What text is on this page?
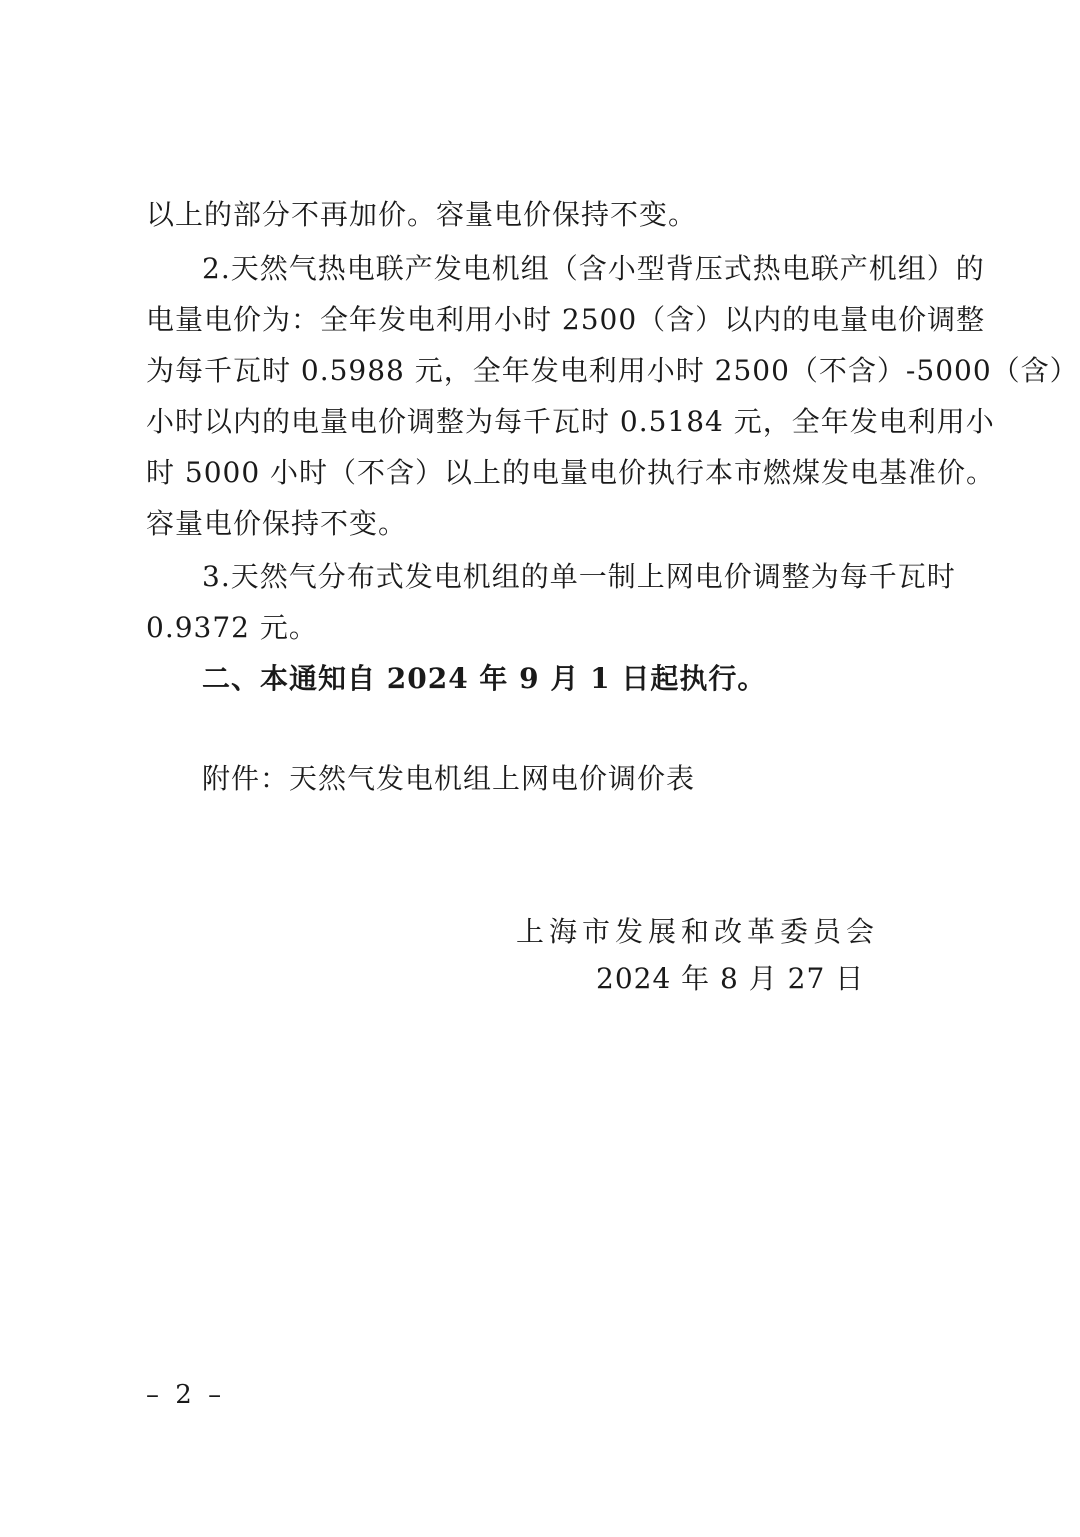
以上的部分不再加价。容量电价保持不变。
2.天然气热电联产发电机组（含小型背压式热电联产机组）的
电量电价为：全年发电利用小时 2500（含）以内的电量电价调整
为每千瓦时 0.5988 元，全年发电利用小时 2500（不含）-5000（含）
小时以内的电量电价调整为每千瓦时 0.5184 元，全年发电利用小
时 5000 小时（不含）以上的电量电价执行本市燃煤发电基准价。
容量电价保持不变。
3.天然气分布式发电机组的单一制上网电价调整为每千瓦时
0.9372 元。
二、本通知自 2024 年 9 月 1 日起执行。
附件：天然气发电机组上网电价调价表
上海市发展和改革委员会
2024 年 8 月 27 日
– 2 –
